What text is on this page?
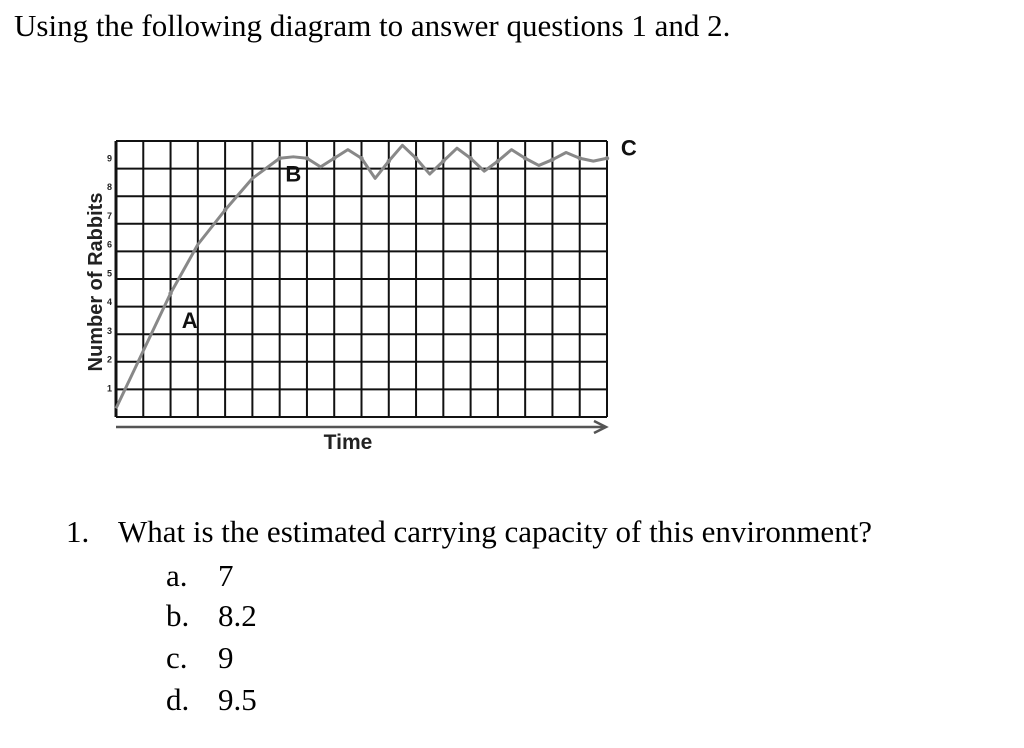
Using the following diagram to answer questions 1 and 2.
1
2
3
4
5
6
7
8
9
A
B
C
Time
Number of Rabbits
1. What is the estimated carrying capacity of this environment?
a. 7
b. 8.2
c. 9
d. 9.5
